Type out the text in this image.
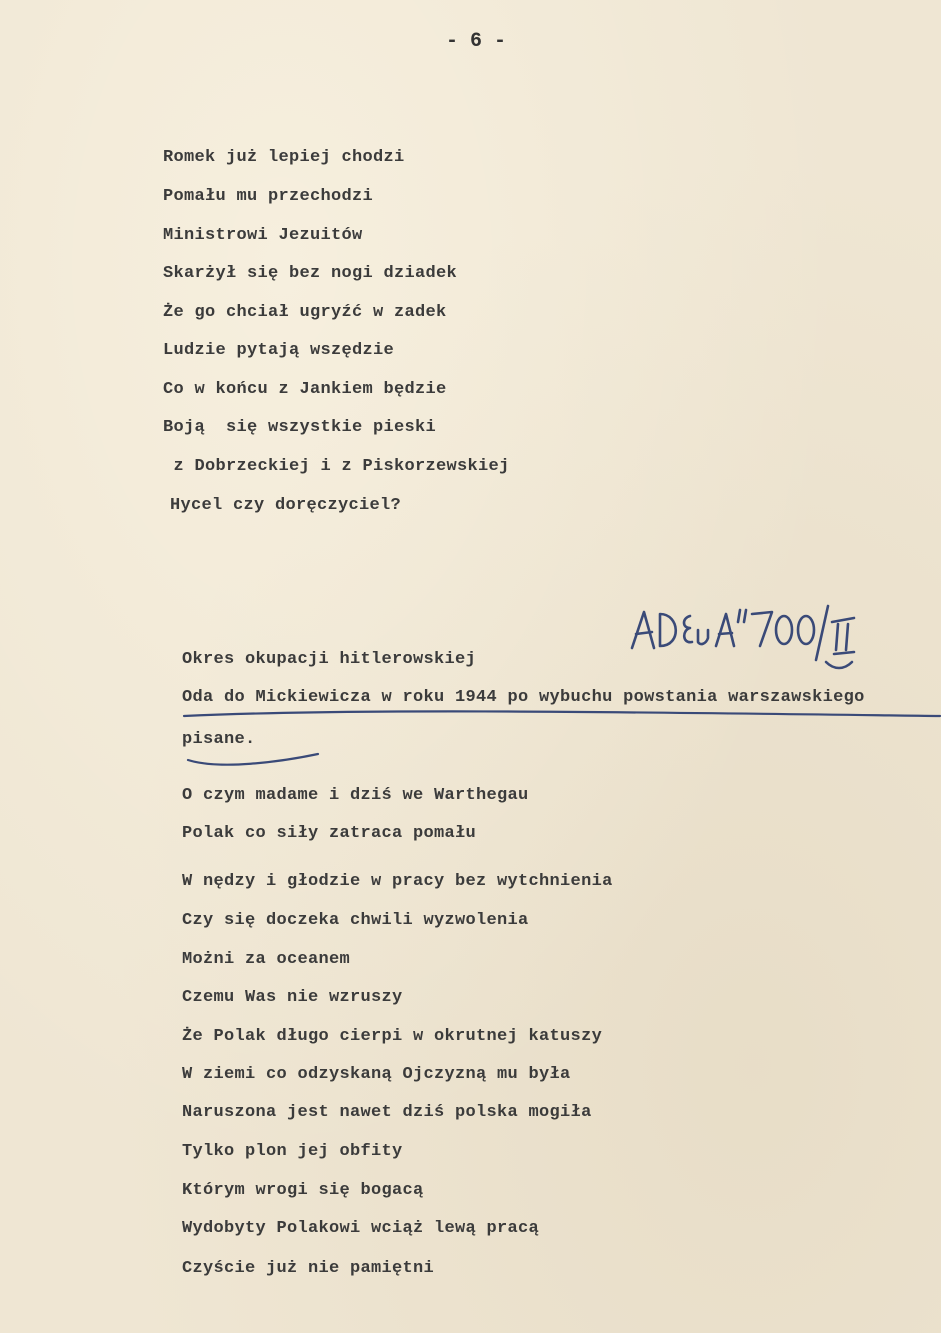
- 6 -
Romek już lepiej chodzi
Pomału mu przechodzi
Ministrowi Jezuitów
Skarżył się bez nogi dziadek
Że go chciał ugryźć w zadek
Ludzie pytają wszędzie
Co w końcu z Jankiem będzie
Boją  się wszystkie pieski
z Dobrzeckiej i z Piskorzewskiej
Hycel czy doręczyciel?
Okres okupacji hitlerowskiej
Oda do Mickiewicza w roku 1944 po wybuchu powstania warszawskiego
pisane.
O czym madame i dziś we Warthegau
Polak co siły zatraca pomału
W nędzy i głodzie w pracy bez wytchnienia
Czy się doczeka chwili wyzwolenia
Możni za oceanem
Czemu Was nie wzruszy
Że Polak długo cierpi w okrutnej katuszy
W ziemi co odzyskaną Ojczyzną mu była
Naruszona jest nawet dziś polska mogiła
Tylko plon jej obfity
Którym wrogi się bogacą
Wydobyty Polakowi wciąż lewą pracą
Czyście już nie pamiętni
